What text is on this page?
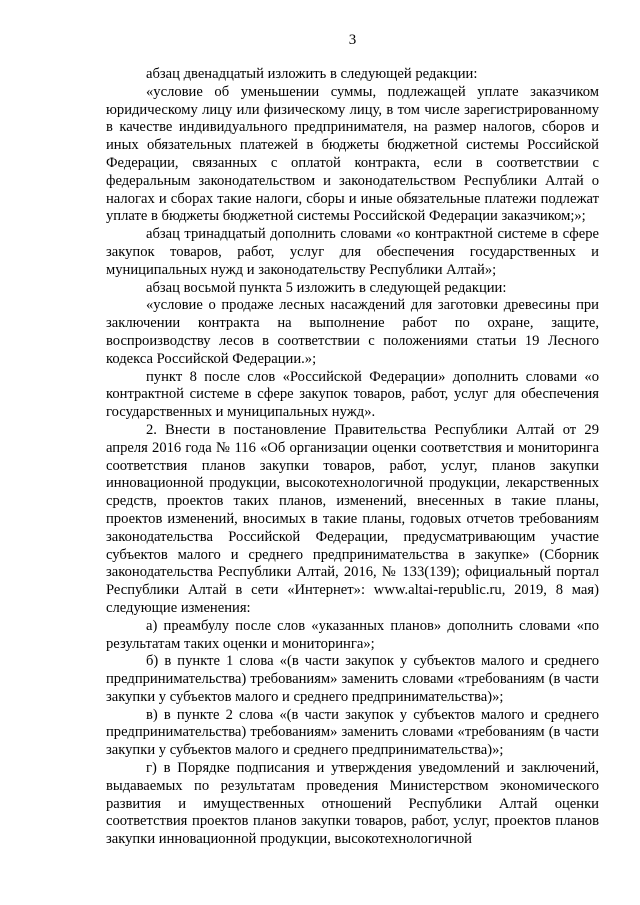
3

абзац двенадцатый изложить в следующей редакции:

«условие об уменьшении суммы, подлежащей уплате заказчиком юридическому лицу или физическому лицу, в том числе зарегистрированному в качестве индивидуального предпринимателя, на размер налогов, сборов и иных обязательных платежей в бюджеты бюджетной системы Российской Федерации, связанных с оплатой контракта, если в соответствии с федеральным законодательством и законодательством Республики Алтай о налогах и сборах такие налоги, сборы и иные обязательные платежи подлежат уплате в бюджеты бюджетной системы Российской Федерации заказчиком;»;

абзац тринадцатый дополнить словами «о контрактной системе в сфере закупок товаров, работ, услуг для обеспечения государственных и муниципальных нужд и законодательству Республики Алтай»;

абзац восьмой пункта 5 изложить в следующей редакции:

«условие о продаже лесных насаждений для заготовки древесины при заключении контракта на выполнение работ по охране, защите, воспроизводству лесов в соответствии с положениями статьи 19 Лесного кодекса Российской Федерации.»;

пункт 8 после слов «Российской Федерации» дополнить словами «о контрактной системе в сфере закупок товаров, работ, услуг для обеспечения государственных и муниципальных нужд».

2. Внести в постановление Правительства Республики Алтай от 29 апреля 2016 года № 116 «Об организации оценки соответствия и мониторинга соответствия планов закупки товаров, работ, услуг, планов закупки инновационной продукции, высокотехнологичной продукции, лекарственных средств, проектов таких планов, изменений, внесенных в такие планы, проектов изменений, вносимых в такие планы, годовых отчетов требованиям законодательства Российской Федерации, предусматривающим участие субъектов малого и среднего предпринимательства в закупке» (Сборник законодательства Республики Алтай, 2016, № 133(139); официальный портал Республики Алтай в сети «Интернет»: www.altai-republic.ru, 2019, 8 мая) следующие изменения:

а) преамбулу после слов «указанных планов» дополнить словами «по результатам таких оценки и мониторинга»;

б) в пункте 1 слова «(в части закупок у субъектов малого и среднего предпринимательства) требованиям» заменить словами «требованиям (в части закупки у субъектов малого и среднего предпринимательства)»;

в) в пункте 2 слова «(в части закупок у субъектов малого и среднего предпринимательства) требованиям» заменить словами «требованиям (в части закупки у субъектов малого и среднего предпринимательства)»;

г) в Порядке подписания и утверждения уведомлений и заключений, выдаваемых по результатам проведения Министерством экономического развития и имущественных отношений Республики Алтай оценки соответствия проектов планов закупки товаров, работ, услуг, проектов планов закупки инновационной продукции, высокотехнологичной
